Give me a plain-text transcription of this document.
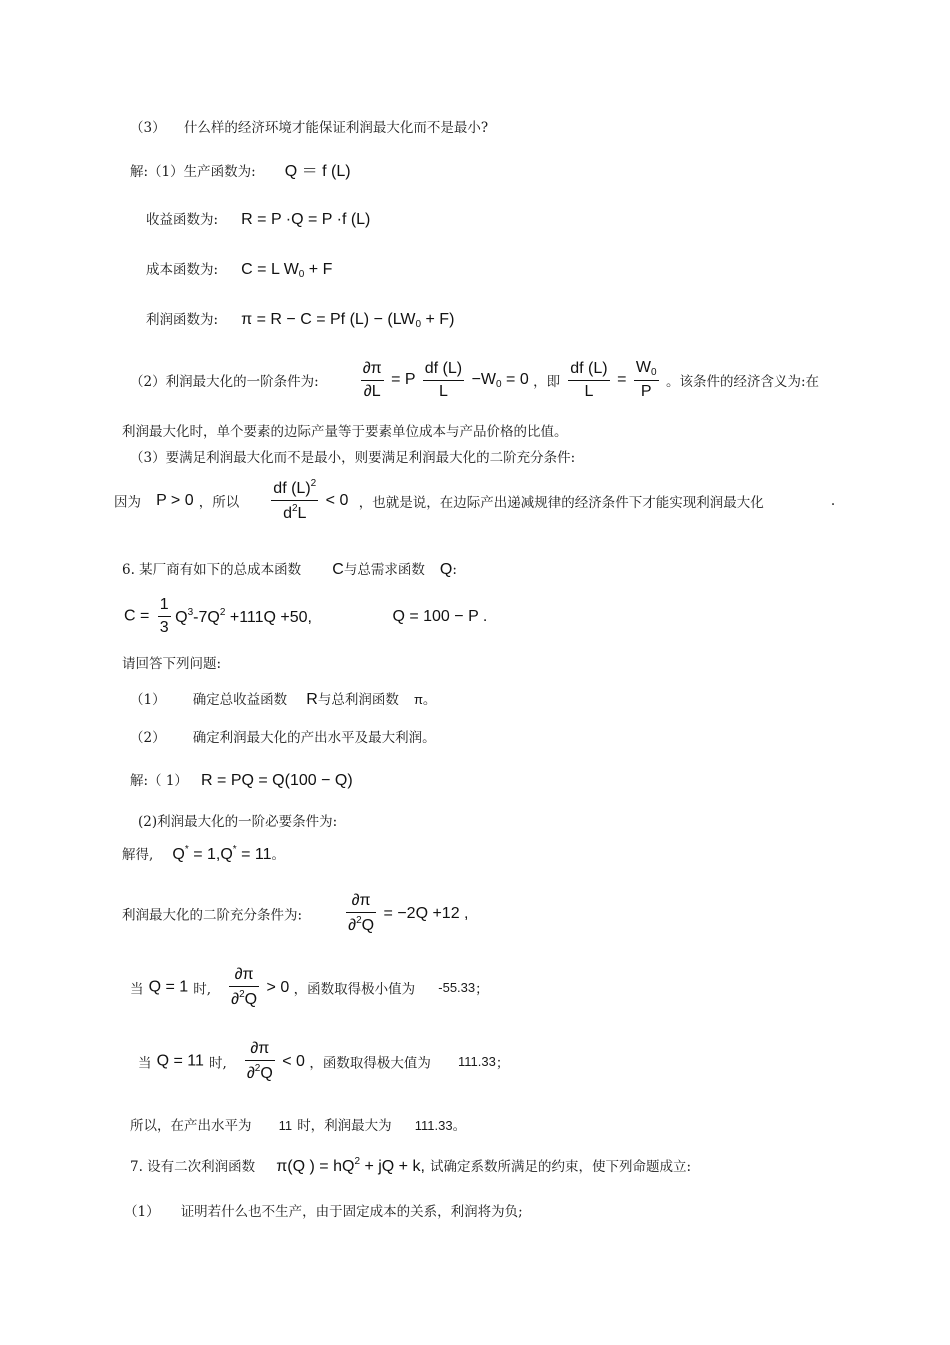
（3） 什么样的经济环境才能保证利润最大化而不是最小?
解:（1）生产函数为: Q ＝ f (L)
收益函数为: R = P ·Q = P ·f (L)
成本函数为: C = L $W_0 + F$
利润函数为: π = R − C = Pf $(L) - (LW_0 + F)$
（2）利润最大化的一阶条件为:	$\frac{\partial\pi}{\partial L} = P \frac{df (L)}{L} -W_0 = 0$ ，即 $\frac{df (L)}{L} = \frac{W_0}{P}$ 。该条件的经济含义为:在
利润最大化时，单个要素的边际产量等于要素单位成本与产品价格的比值。
（3）要满足利润最大化而不是最小，则要满足利润最大化的二阶充分条件:
因为 P > 0 ，所以 $\frac{df (L)^2}{d^2L} < 0$ ，也就是说，在边际产出递减规律的经济条件下才能实现利润最大化	.
6. 某厂商有如下的总成本函数 C与总需求函数 Q:
$C = \frac{1}{3} Q^3-7Q^2 +111Q +50$,	Q = 100 − P .
请回答下列问题:
（1） 确定总收益函数 R与总利润函数 π。
（2） 确定利润最大化的产出水平及最大利润。
解:（ 1） R = PQ = Q(100 − Q)
(2)利润最大化的一阶必要条件为:
解得, Q* = 1,Q* = 11。
利润最大化的二阶充分条件为:	$\frac{\partial\pi}{\partial^2Q} = -2Q +12$ ,
当 Q = 1 时, $\frac{\partial\pi}{\partial^2Q} > 0$ ，函数取得极小值为 -55.33；
当 Q = 11 时, $\frac{\partial\pi}{\partial^2Q} < 0$ ，函数取得极大值为 111.33；
所以，在产出水平为 11 时，利润最大为 111.33。
7. 设有二次利润函数 π(Q ) = $hQ^2$ + jQ + k, 试确定系数所满足的约束，使下列命题成立:
（1） 证明若什么也不生产，由于固定成本的关系，利润将为负;
